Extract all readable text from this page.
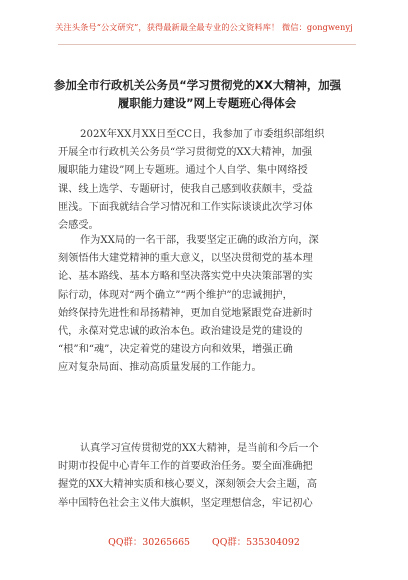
关注头条号“公文研究”，获得最新最全最专业的公文资料库！ 微信：gongwenyj
参加全市行政机关公务员“学习贯彻党的XX大精神，加强
履职能力建设”网上专题班心得体会
202X年XX月XX日至CC日，我参加了市委组织部组织
开展全市行政机关公务员“学习贯彻党的XX大精神，加强
履职能力建设”网上专题班。通过个人自学、集中网络授
课、线上选学、专题研讨，使我自己感到收获颇丰，受益
匪浅。下面我就结合学习情况和工作实际谈谈此次学习体
会感受。
作为XX局的一名干部，我要坚定正确的政治方向，深
刻领悟伟大建党精神的重大意义，以坚决贯彻党的基本理
论、基本路线、基本方略和坚决落实党中央决策部署的实
际行动，体现对“两个确立”“两个维护”的忠诚拥护，
始终保持先进性和昂扬精神，更加自觉地紧跟党奋进新时
代，永葆对党忠诚的政治本色。政治建设是党的建设的
“根”和“魂”，决定着党的建设方向和效果，增强正确
应对复杂局面、推动高质量发展的工作能力。
认真学习宣传贯彻党的XX大精神，是当前和今后一个
时期市投促中心青年工作的首要政治任务。要全面准确把
握党的XX大精神实质和核心要义，深刻领会大会主题，高
举中国特色社会主义伟大旗帜，坚定理想信念，牢记初心
QQ群：30265665 QQ群：535304092
